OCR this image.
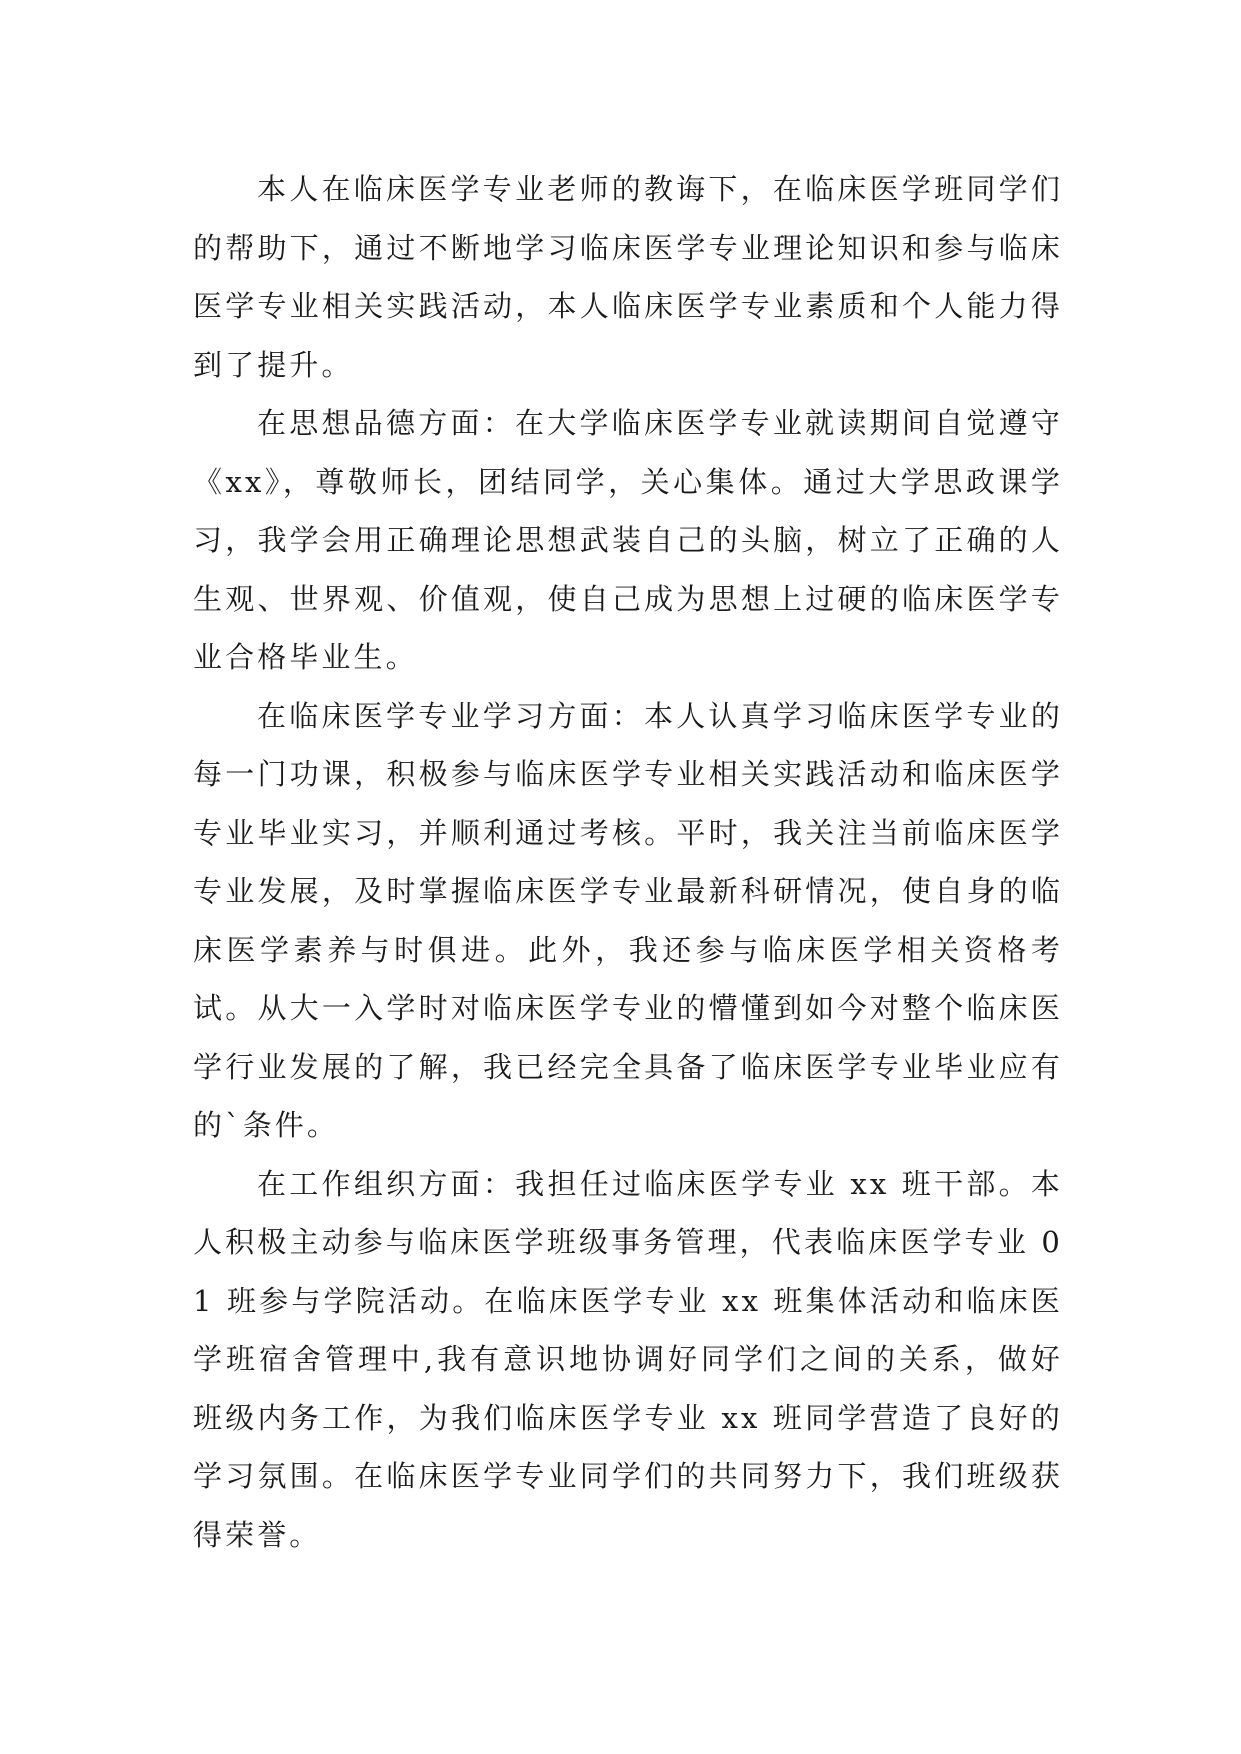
本人在临床医学专业老师的教诲下，在临床医学班同学们的帮助下，通过不断地学习临床医学专业理论知识和参与临床医学专业相关实践活动，本人临床医学专业素质和个人能力得到了提升。

在思想品德方面：在大学临床医学专业就读期间自觉遵守《xx》，尊敬师长，团结同学，关心集体。通过大学思政课学习，我学会用正确理论思想武装自己的头脑，树立了正确的人生观、世界观、价值观，使自己成为思想上过硬的临床医学专业合格毕业生。

在临床医学专业学习方面：本人认真学习临床医学专业的每一门功课，积极参与临床医学专业相关实践活动和临床医学专业毕业实习，并顺利通过考核。平时，我关注当前临床医学专业发展，及时掌握临床医学专业最新科研情况，使自身的临床医学素养与时俱进。此外，我还参与临床医学相关资格考试。从大一入学时对临床医学专业的懵懂到如今对整个临床医学行业发展的了解，我已经完全具备了临床医学专业毕业应有的`条件。

在工作组织方面：我担任过临床医学专业 xx 班干部。本人积极主动参与临床医学班级事务管理，代表临床医学专业 01 班参与学院活动。在临床医学专业 xx 班集体活动和临床医学班宿舍管理中,我有意识地协调好同学们之间的关系，做好班级内务工作，为我们临床医学专业 xx 班同学营造了良好的学习氛围。在临床医学专业同学们的共同努力下，我们班级获得荣誉。
